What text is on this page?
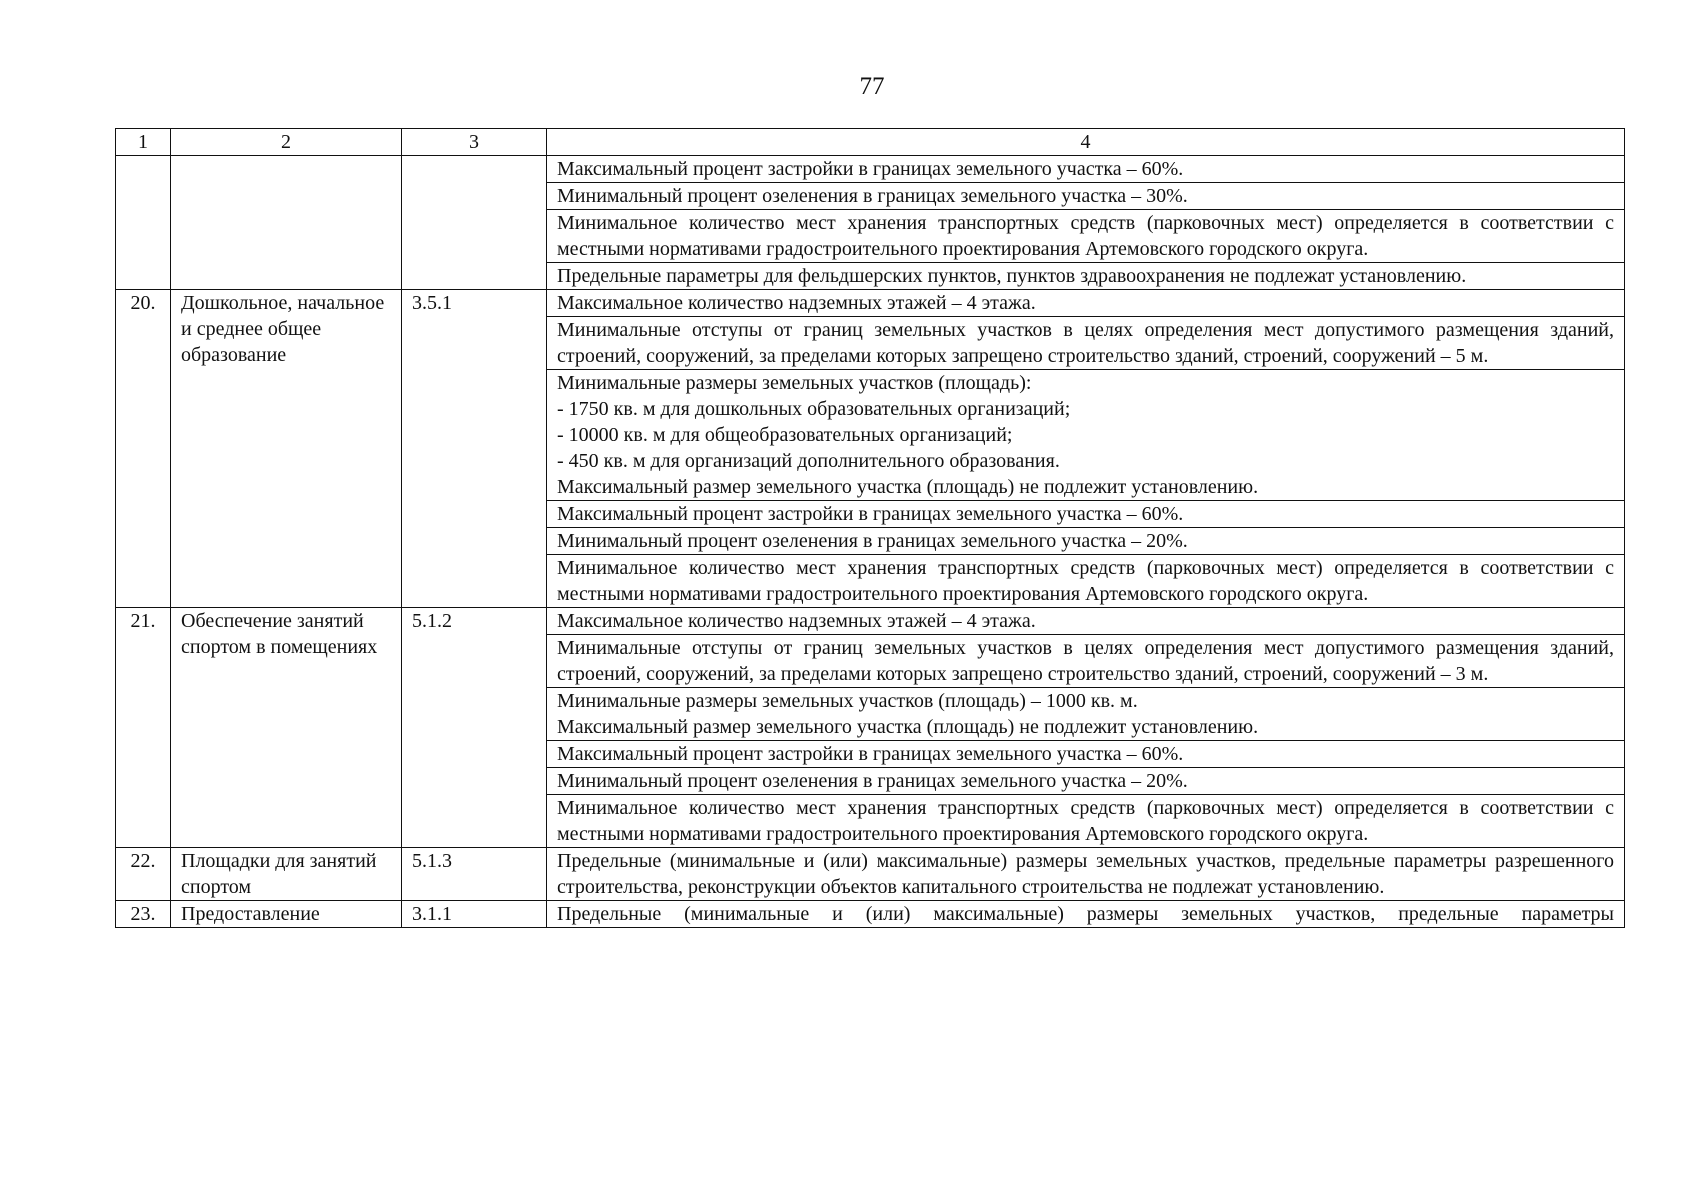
77
1	2	3	4
			Максимальный процент застройки в границах земельного участка – 60%.
			Минимальный процент озеленения в границах земельного участка – 30%.
			Минимальное количество мест хранения транспортных средств (парковочных мест) определяется в соответствии с местными нормативами градостроительного проектирования Артемовского городского округа.
			Предельные параметры для фельдшерских пунктов, пунктов здравоохранения не подлежат установлению.
20.	Дошкольное, начальное и среднее общее образование	3.5.1	Максимальное количество надземных этажей – 4 этажа.
			Минимальные отступы от границ земельных участков в целях определения мест допустимого размещения зданий, строений, сооружений, за пределами которых запрещено строительство зданий, строений, сооружений – 5 м.

			Минимальные размеры земельных участков (площадь):
- 1750 кв. м для дошкольных образовательных организаций;
- 10000 кв. м для общеобразовательных организаций;
- 450 кв. м для организаций дополнительного образования.
Максимальный размер земельного участка (площадь) не подлежит установлению.

			Максимальный процент застройки в границах земельного участка – 60%.
			Минимальный процент озеленения в границах земельного участка – 20%.
			Минимальное количество мест хранения транспортных средств (парковочных мест) определяется в соответствии с местными нормативами градостроительного проектирования Артемовского городского округа.
21.	Обеспечение занятий спортом в помещениях	5.1.2	Максимальное количество надземных этажей – 4 этажа.
			Минимальные отступы от границ земельных участков в целях определения мест допустимого размещения зданий, строений, сооружений, за пределами которых запрещено строительство зданий, строений, сооружений – 3 м.

			Минимальные размеры земельных участков (площадь) – 1000 кв. м.
Максимальный размер земельного участка (площадь) не подлежит установлению.

			Максимальный процент застройки в границах земельного участка – 60%.
			Минимальный процент озеленения в границах земельного участка – 20%.
			Минимальное количество мест хранения транспортных средств (парковочных мест) определяется в соответствии с местными нормативами градостроительного проектирования Артемовского городского округа.
22.	Площадки для занятий спортом	5.1.3	Предельные (минимальные и (или) максимальные) размеры земельных участков, предельные параметры разрешенного строительства, реконструкции объектов капитального строительства не подлежат установлению.
23.	Предоставление	3.1.1	Предельные (минимальные и (или) максимальные) размеры земельных участков, предельные параметры
